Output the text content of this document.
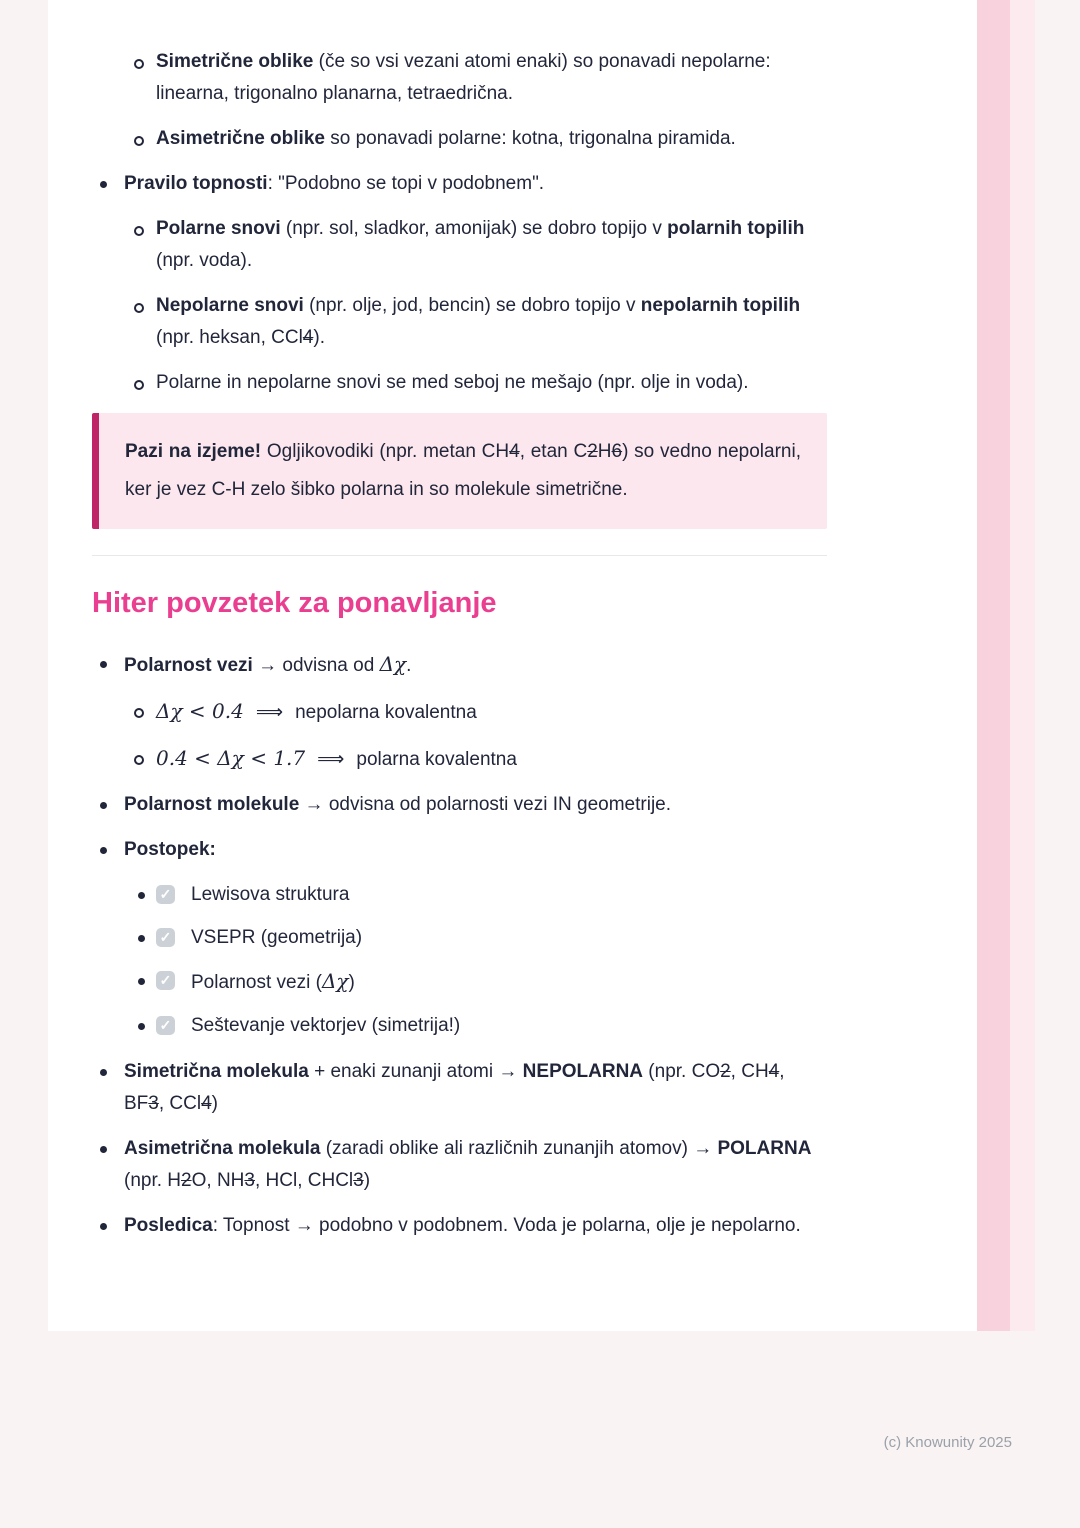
Simetrične oblike (če so vsi vezani atomi enaki) so ponavadi nepolarne: linearna, trigonalno planarna, tetraedrična.
Asimetrične oblike so ponavadi polarne: kotna, trigonalna piramida.
Pravilo topnosti: "Podobno se topi v podobnem".
Polarne snovi (npr. sol, sladkor, amonijak) se dobro topijo v polarnih topilih (npr. voda).
Nepolarne snovi (npr. olje, jod, bencin) se dobro topijo v nepolarnih topilih (npr. heksan, CCl4).
Polarne in nepolarne snovi se med seboj ne mešajo (npr. olje in voda).
Pazi na izjeme! Ogljikovodiki (npr. metan CH4, etan C2H6) so vedno nepolarni, ker je vez C-H zelo šibko polarna in so molekule simetrične.
Hiter povzetek za ponavljanje
Polarnost vezi → odvisna od Δχ.
Δχ < 0.4 ⟹ nepolarna kovalentna
0.4 < Δχ < 1.7 ⟹ polarna kovalentna
Polarnost molekule → odvisna od polarnosti vezi IN geometrije.
Postopek:
✓
Lewisova struktura
✓
VSEPR (geometrija)
✓
Polarnost vezi (Δχ)
✓
Seštevanje vektorjev (simetrija!)
Simetrična molekula + enaki zunanji atomi → NEPOLARNA (npr. CO2, CH4, BF3, CCl4)
Asimetrična molekula (zaradi oblike ali različnih zunanjih atomov) → POLARNA (npr. H2O, NH3, HCl, CHCl3)
Posledica: Topnost → podobno v podobnem. Voda je polarna, olje je nepolarno.
(c) Knowunity 2025
